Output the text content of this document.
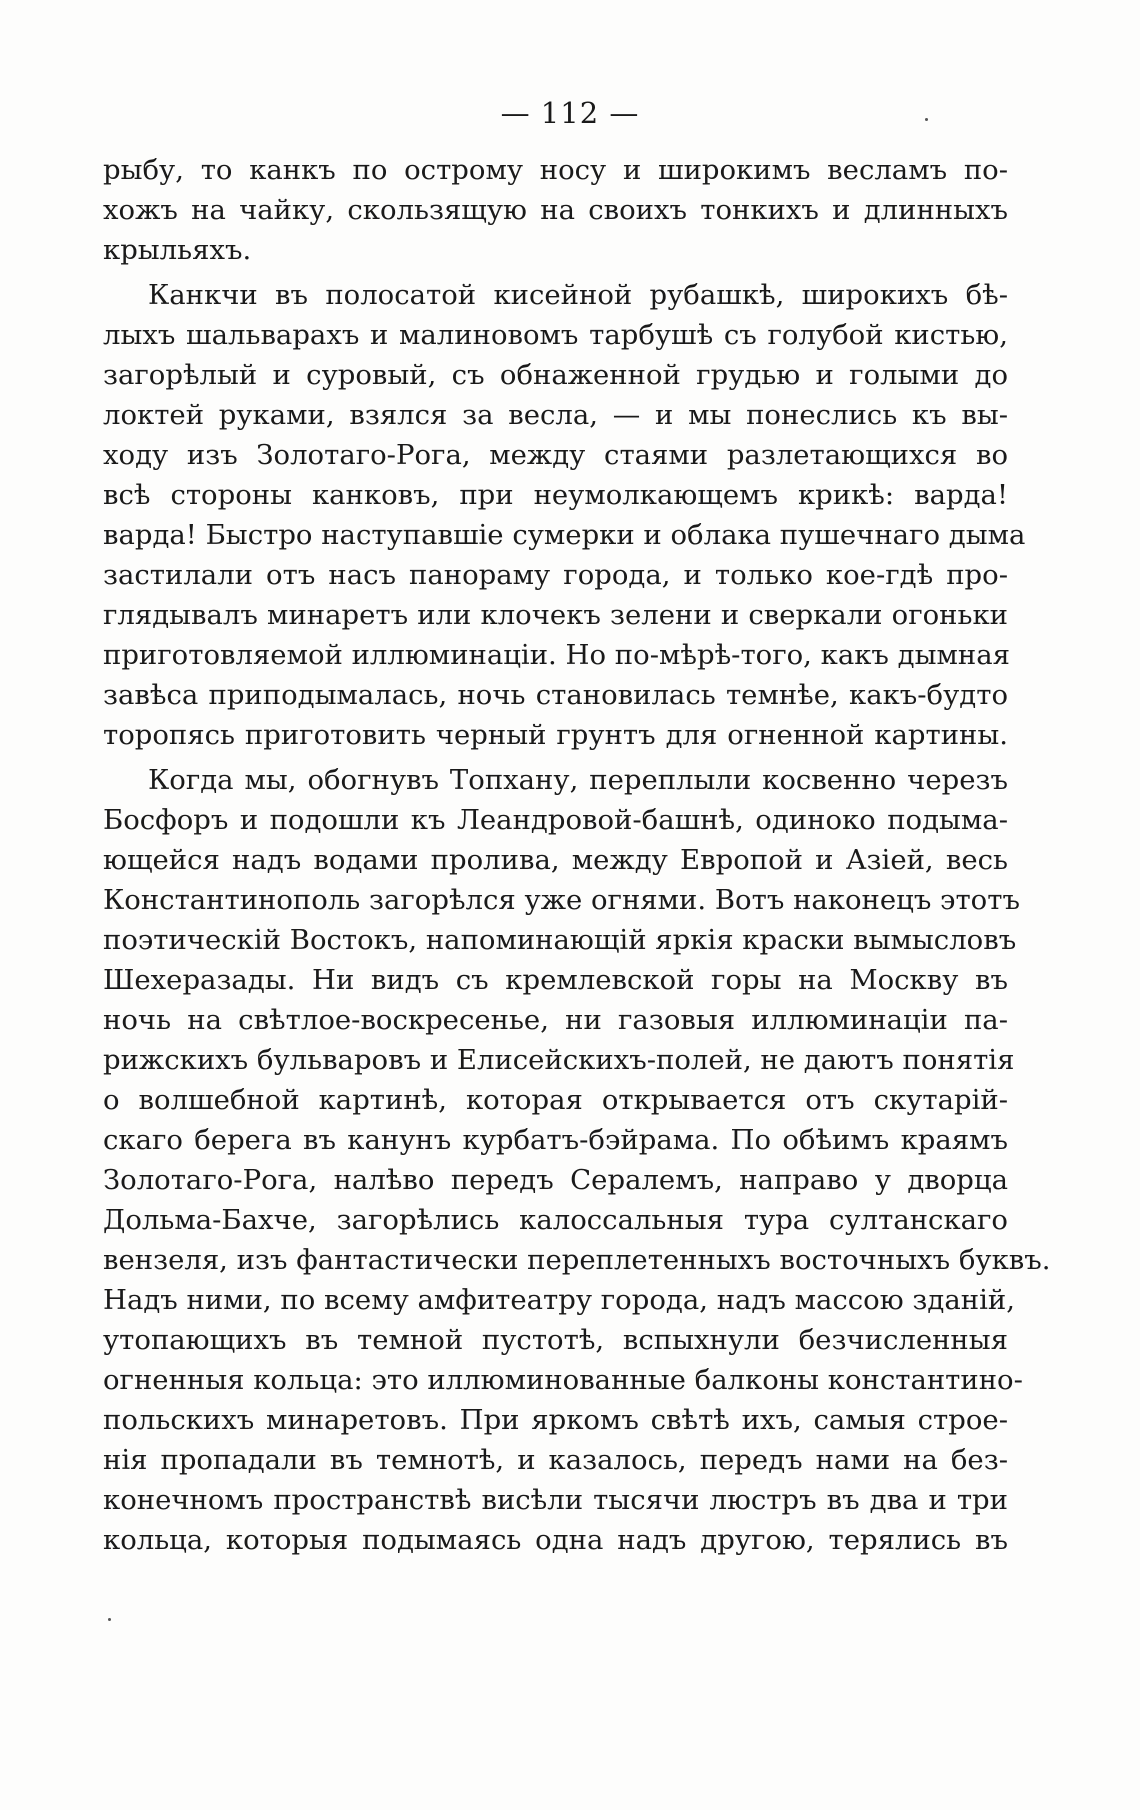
— 112 —
рыбу, то канкъ по острому носу и широкимъ весламъ по-
хожъ на чайку, скользящую на своихъ тонкихъ и длинныхъ
крыльяхъ.
Канкчи въ полосатой кисейной рубашкѣ, широкихъ бѣ-
лыхъ шальварахъ и малиновомъ тарбушѣ съ голубой кистью,
загорѣлый и суровый, съ обнаженной грудью и голыми до
локтей руками, взялся за весла, — и мы понеслись къ вы-
ходу изъ Золотаго-Рога, между стаями разлетающихся во
всѣ стороны канковъ, при неумолкающемъ крикѣ: варда!
варда! Быстро наступавшіе сумерки и облака пушечнаго дыма
застилали отъ насъ панораму города, и только кое-гдѣ про-
глядывалъ минаретъ или клочекъ зелени и сверкали огоньки
приготовляемой иллюминаціи. Но по-мѣрѣ-того, какъ дымная
завѣса приподымалась, ночь становилась темнѣе, какъ-будто
торопясь приготовить черный грунтъ для огненной картины.
Когда мы, обогнувъ Топхану, переплыли косвенно черезъ
Босфоръ и подошли къ Леандровой-башнѣ, одиноко подыма-
ющейся надъ водами пролива, между Европой и Азіей, весь
Константинополь загорѣлся уже огнями. Вотъ наконецъ этотъ
поэтическій Востокъ, напоминающій яркія краски вымысловъ
Шехеразады. Ни видъ съ кремлевской горы на Москву въ
ночь на свѣтлое-воскресенье, ни газовыя иллюминаціи па-
рижскихъ бульваровъ и Елисейскихъ-полей, не даютъ понятія
о волшебной картинѣ, которая открывается отъ скутарій-
скаго берега въ канунъ курбатъ-бэйрама. По обѣимъ краямъ
Золотаго-Рога, налѣво передъ Сералемъ, направо у дворца
Дольма-Бахче, загорѣлись калоссальныя тура султанскаго
вензеля, изъ фантастически переплетенныхъ восточныхъ буквъ.
Надъ ними, по всему амфитеатру города, надъ массою зданій,
утопающихъ въ темной пустотѣ, вспыхнули безчисленныя
огненныя кольца: это иллюминованные балконы константино-
польскихъ минаретовъ. При яркомъ свѣтѣ ихъ, самыя строе-
нія пропадали въ темнотѣ, и казалось, передъ нами на без-
конечномъ пространствѣ висѣли тысячи люстръ въ два и три
кольца, которыя подымаясь одна надъ другою, терялись въ
